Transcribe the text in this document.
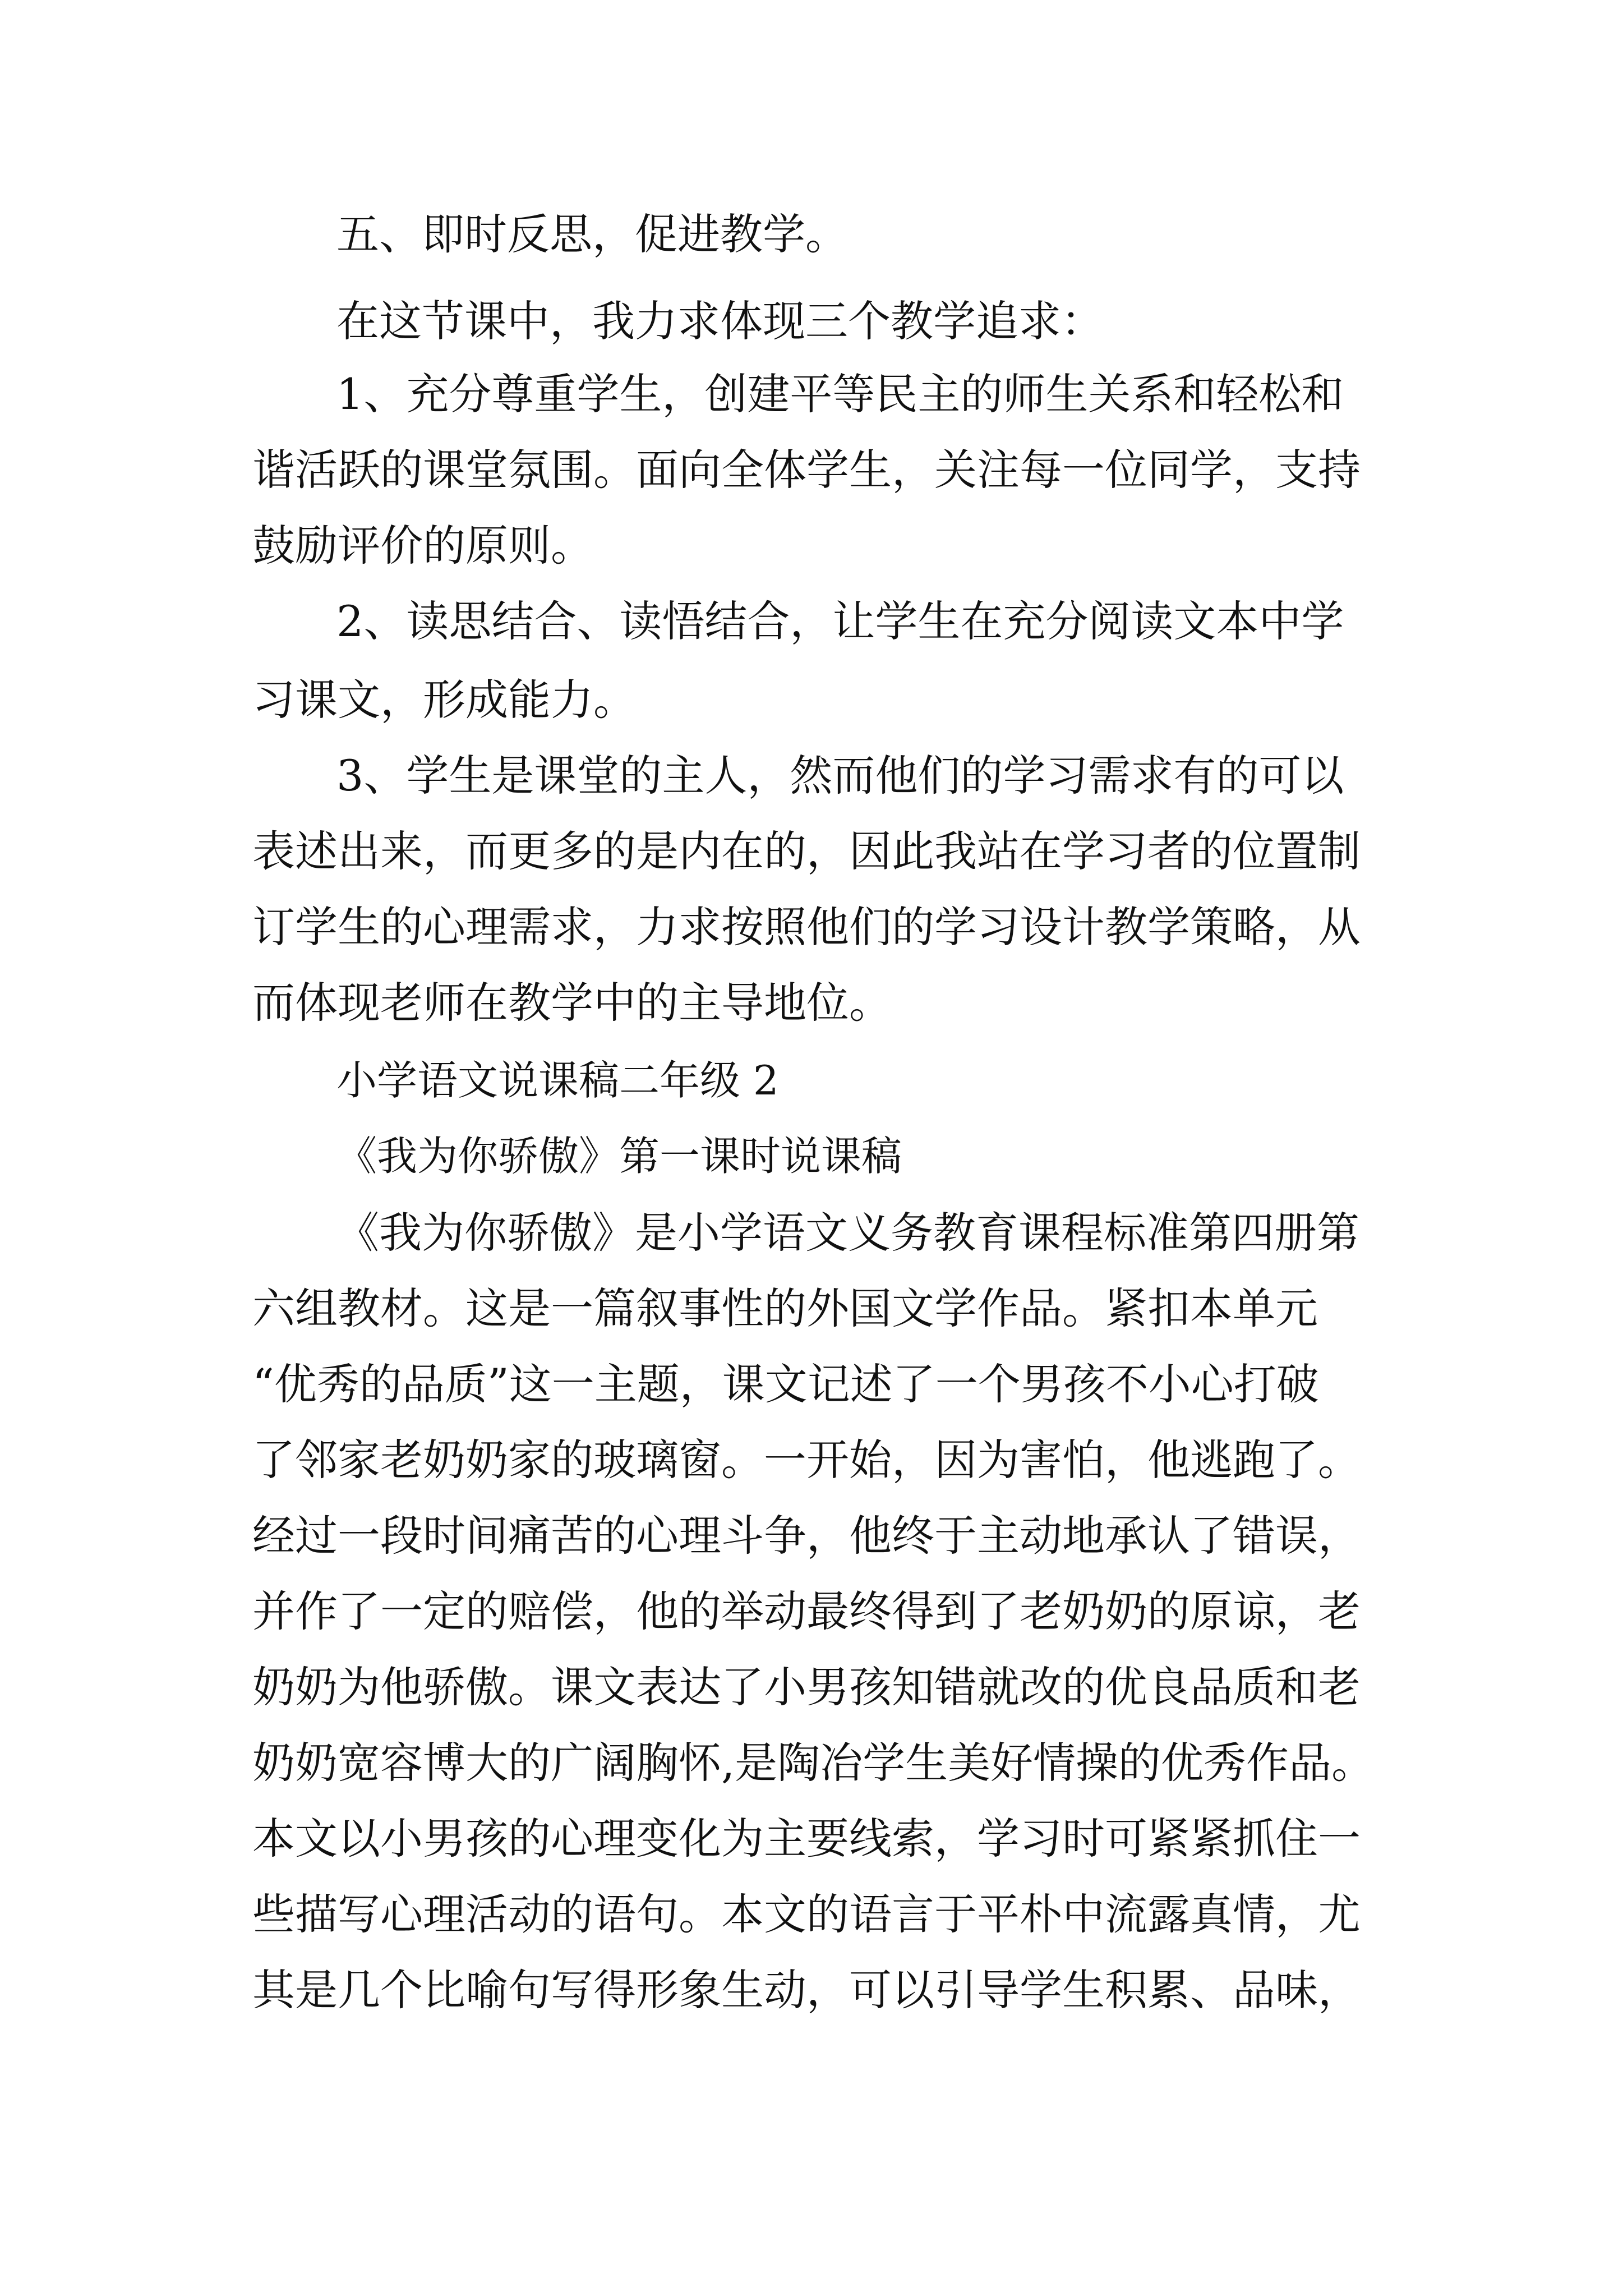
五、即时反思，促进教学。
在这节课中，我力求体现三个教学追求：
1、充分尊重学生，创建平等民主的师生关系和轻松和
谐活跃的课堂氛围。面向全体学生，关注每一位同学，支持
鼓励评价的原则。
2、读思结合、读悟结合，让学生在充分阅读文本中学
习课文，形成能力。
3、学生是课堂的主人，然而他们的学习需求有的可以
表述出来，而更多的是内在的，因此我站在学习者的位置制
订学生的心理需求，力求按照他们的学习设计教学策略，从
而体现老师在教学中的主导地位。
小学语文说课稿二年级 2
《我为你骄傲》第一课时说课稿
《我为你骄傲》是小学语文义务教育课程标准第四册第
六组教材。这是一篇叙事性的外国文学作品。紧扣本单元
“优秀的品质”这一主题，课文记述了一个男孩不小心打破
了邻家老奶奶家的玻璃窗。一开始，因为害怕，他逃跑了。
经过一段时间痛苦的心理斗争，他终于主动地承认了错误，
并作了一定的赔偿，他的举动最终得到了老奶奶的原谅，老
奶奶为他骄傲。课文表达了小男孩知错就改的优良品质和老
奶奶宽容博大的广阔胸怀,是陶冶学生美好情操的优秀作品。
本文以小男孩的心理变化为主要线索，学习时可紧紧抓住一
些描写心理活动的语句。本文的语言于平朴中流露真情，尤
其是几个比喻句写得形象生动，可以引导学生积累、品味，
